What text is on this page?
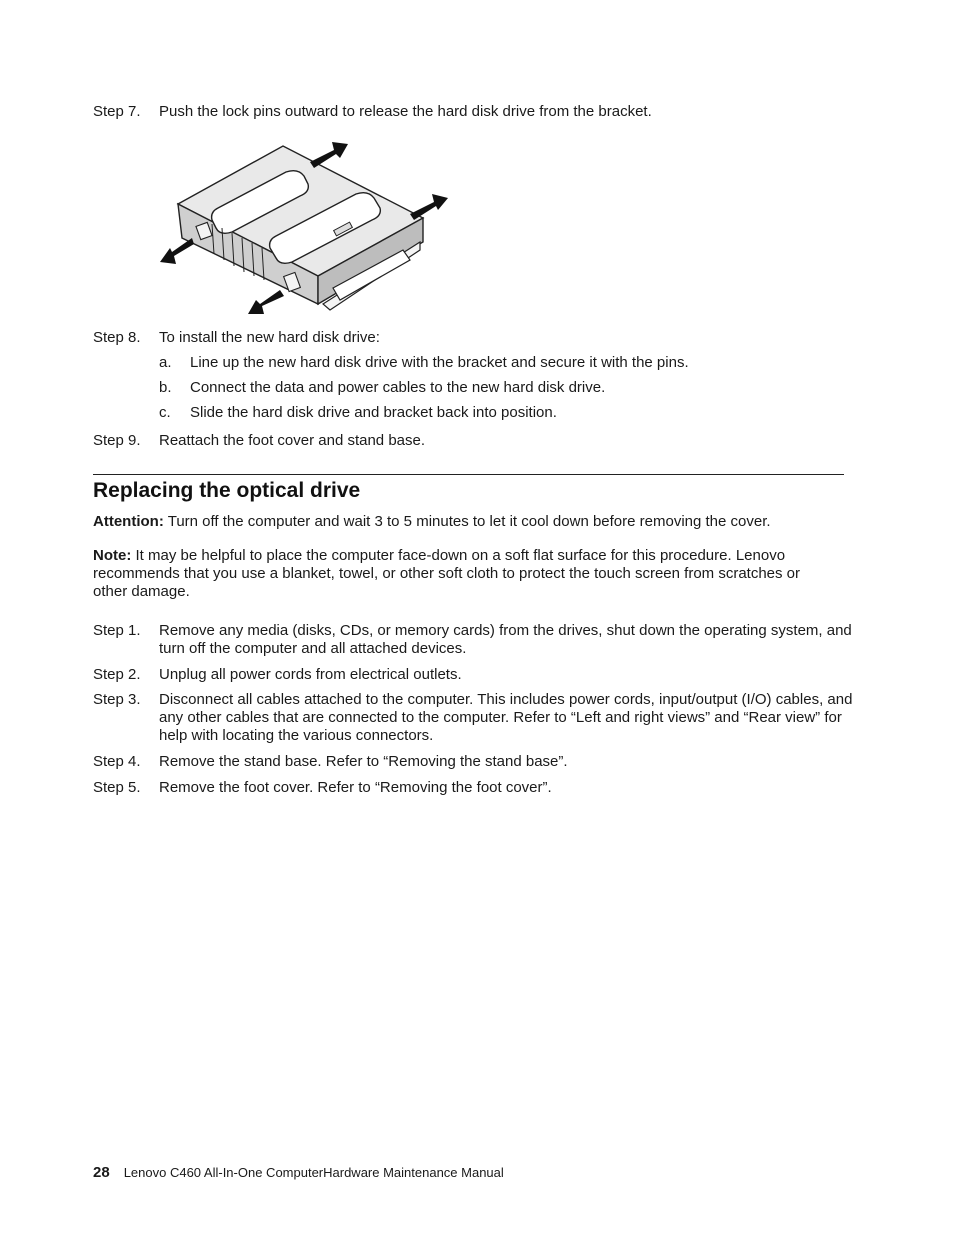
Step 7.	Push the lock pins outward to release the hard disk drive from the bracket.
Step 8.	To install the new hard disk drive:
a.	Line up the new hard disk drive with the bracket and secure it with the pins.
b.	Connect the data and power cables to the new hard disk drive.
c.	Slide the hard disk drive and bracket back into position.
Step 9.	Reattach the foot cover and stand base.
Replacing the optical drive
Attention: Turn off the computer and wait 3 to 5 minutes to let it cool down before removing the cover.
Note: It may be helpful to place the computer face-down on a soft flat surface for this procedure. Lenovo recommends that you use a blanket, towel, or other soft cloth to protect the touch screen from scratches or other damage.
Step 1.	Remove any media (disks, CDs, or memory cards) from the drives, shut down the operating system, and turn off the computer and all attached devices.
Step 2.	Unplug all power cords from electrical outlets.
Step 3.	Disconnect all cables attached to the computer. This includes power cords, input/output (I/O) cables, and any other cables that are connected to the computer. Refer to “Left and right views” and “Rear view” for help with locating the various connectors.
Step 4.	Remove the stand base. Refer to “Removing the stand base”.
Step 5.	Remove the foot cover. Refer to “Removing the foot cover”.
28 Lenovo C460 All-In-One ComputerHardware Maintenance Manual
